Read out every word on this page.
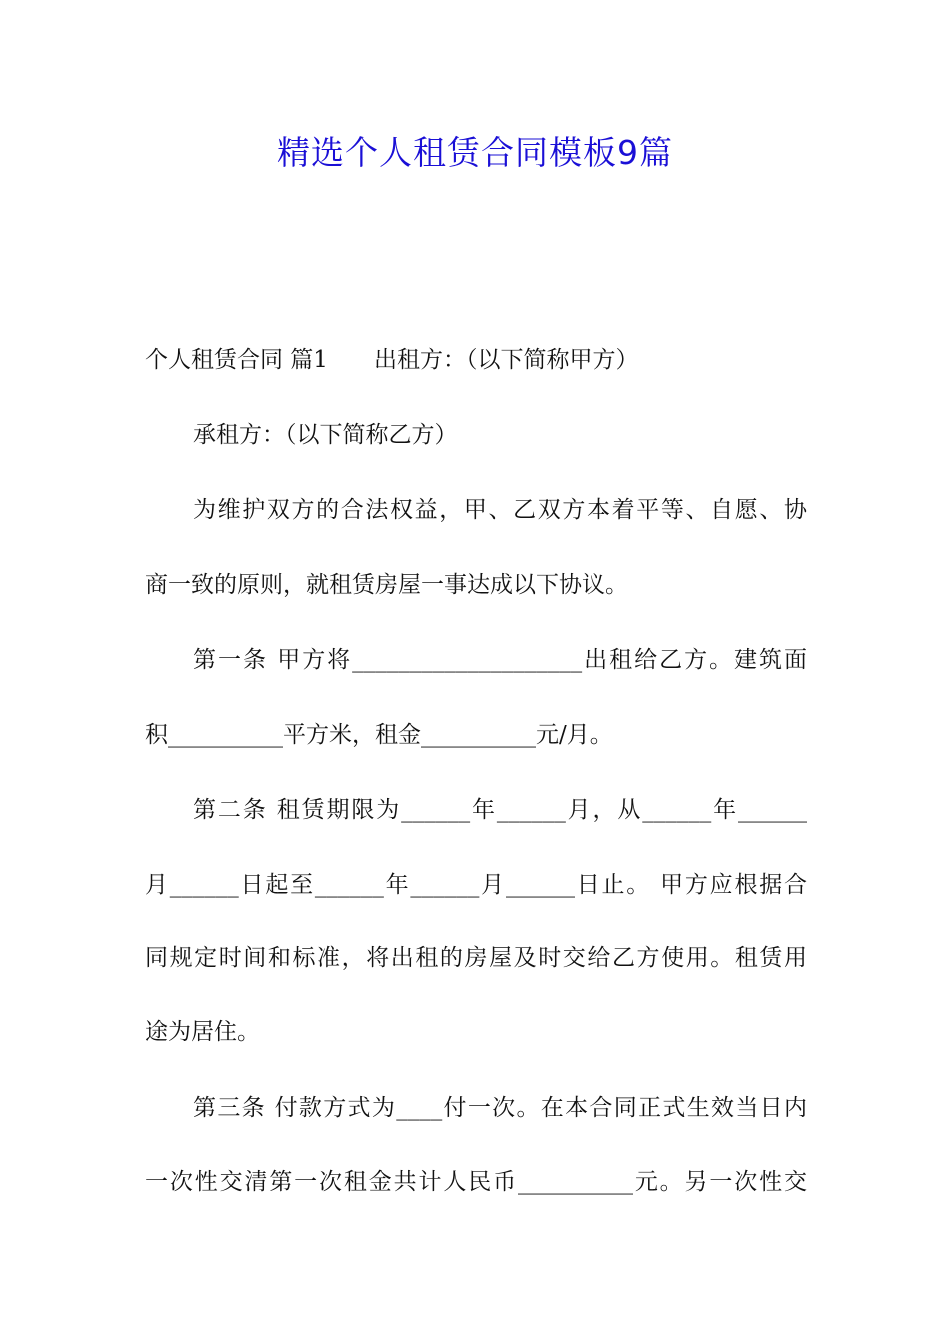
精选个人租赁合同模板9篇
个人租赁合同 篇1　　出租方：（以下简称甲方）
承租方：（以下简称乙方）
为维护双方的合法权益，甲、乙双方本着平等、自愿、协
商一致的原则，就租赁房屋一事达成以下协议。
第一条 甲方将____________________出租给乙方。建筑面
积__________平方米，租金__________元/月。
第二条 租赁期限为______年______月，从______年______
月______日起至______年______月______日止。 甲方应根据合
同规定时间和标准，将出租的房屋及时交给乙方使用。租赁用
途为居住。
第三条 付款方式为____付一次。在本合同正式生效当日内
一次性交清第一次租金共计人民币__________元。另一次性交
